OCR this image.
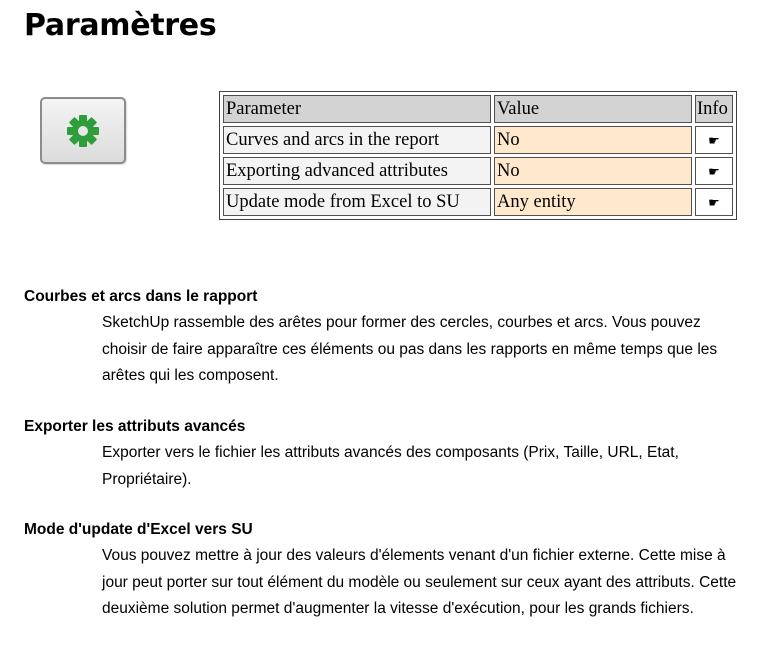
Paramètres
Parameter	Value	Info
Curves and arcs in the report	No	☛
Exporting advanced attributes	No	☛
Update mode from Excel to SU	Any entity	☛
Courbes et arcs dans le rapport

SketchUp rassemble des arêtes pour former des cercles, courbes et arcs. Vous pouvez choisir de faire apparaître ces éléments ou pas dans les rapports en même temps que les arêtes qui les composent.

Exporter les attributs avancés

Exporter vers le fichier les attributs avancés des composants (Prix, Taille, URL, Etat, Propriétaire).

Mode d'update d'Excel vers SU

Vous pouvez mettre à jour des valeurs d'élements venant d'un fichier externe. Cette mise à jour peut porter sur tout élément du modèle ou seulement sur ceux ayant des attributs. Cette deuxième solution permet d'augmenter la vitesse d'exécution, pour les grands fichiers.
